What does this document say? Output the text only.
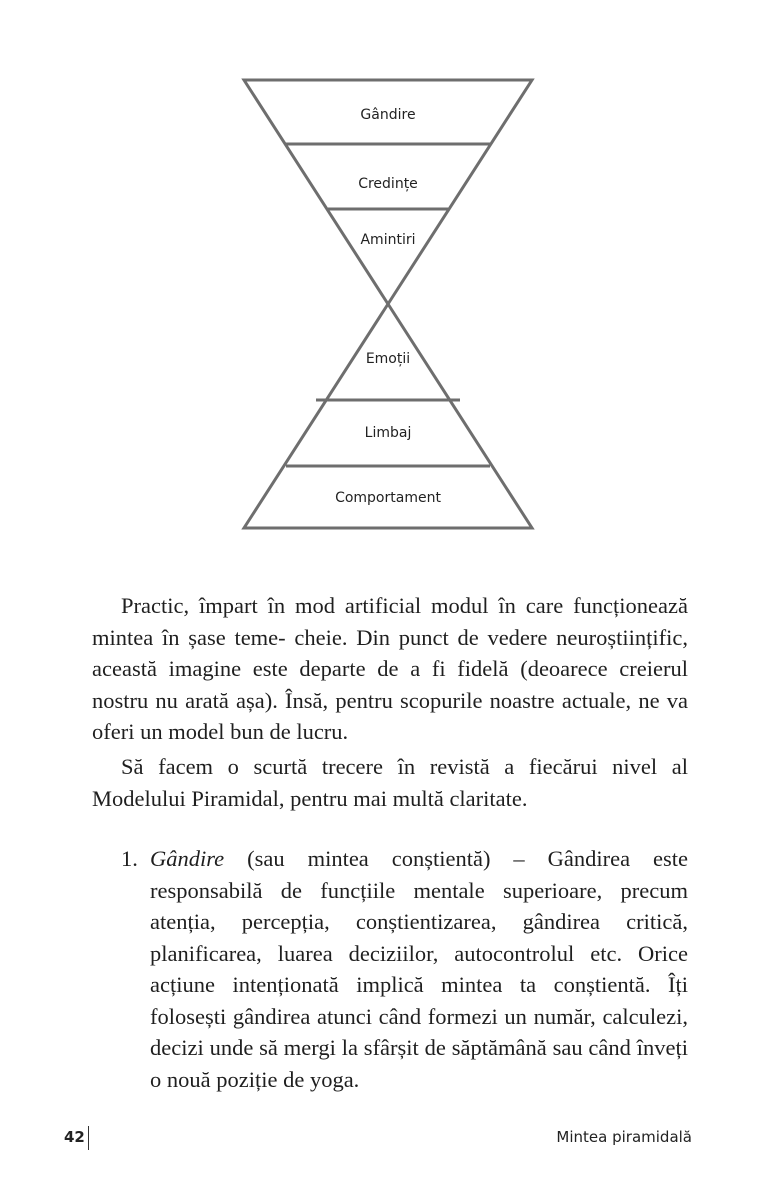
Gândire
Credințe
Amintiri
Emoții
Limbaj
Comportament

Practic, împart în mod artificial modul în care funcționează mintea în șase teme- cheie. Din punct de vedere neuroștiințific, această imagine este departe de a fi fidelă (deoarece creierul nostru nu arată așa). Însă, pentru scopurile noastre actuale, ne va oferi un model bun de lucru.

Să facem o scurtă trecere în revistă a fiecărui nivel al Modelului Piramidal, pentru mai multă claritate.

1. Gândire (sau mintea conștientă) – Gândirea este responsabilă de funcțiile mentale superioare, precum atenția, percepția, conștientizarea, gândirea critică, planificarea, luarea deciziilor, autocontrolul etc. Orice acțiune intenționată implică mintea ta conștientă. Îți folosești gândirea atunci când formezi un număr, calculezi, decizi unde să mergi la sfârșit de săptămână sau când înveți o nouă poziție de yoga.
42	Mintea piramidală
